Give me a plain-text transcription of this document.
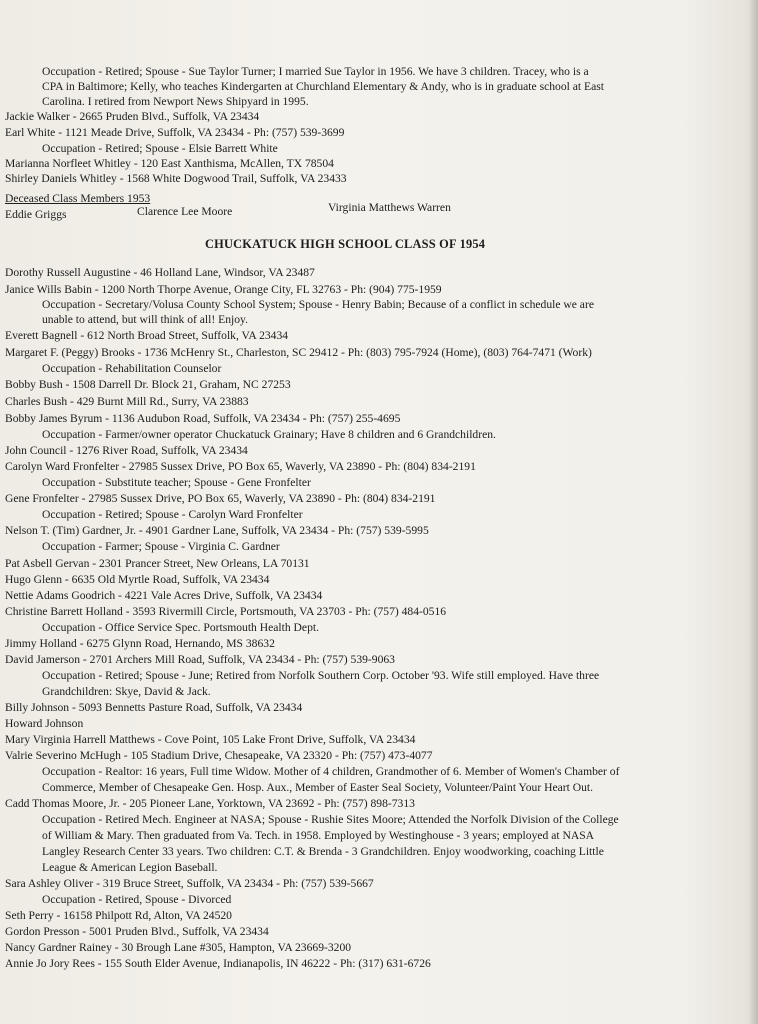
Occupation - Retired; Spouse - Sue Taylor Turner; I married Sue Taylor in 1956. We have 3 children. Tracey, who is a
CPA in Baltimore; Kelly, who teaches Kindergarten at Churchland Elementary & Andy, who is in graduate school at East
Carolina. I retired from Newport News Shipyard in 1995.
Jackie Walker - 2665 Pruden Blvd., Suffolk, VA 23434
Earl White - 1121 Meade Drive, Suffolk, VA 23434 - Ph: (757) 539-3699
Occupation - Retired; Spouse - Elsie Barrett White
Marianna Norfleet Whitley - 120 East Xanthisma, McAllen, TX 78504
Shirley Daniels Whitley - 1568 White Dogwood Trail, Suffolk, VA 23433
Deceased Class Members 1953
Eddie Griggs	Clarence Lee Moore	Virginia Matthews Warren
CHUCKATUCK HIGH SCHOOL CLASS OF 1954
Dorothy Russell Augustine - 46 Holland Lane, Windsor, VA 23487
Janice Wills Babin - 1200 North Thorpe Avenue, Orange City, FL 32763 - Ph: (904) 775-1959
Occupation - Secretary/Volusa County School System; Spouse - Henry Babin; Because of a conflict in schedule we are
unable to attend, but will think of all! Enjoy.
Everett Bagnell - 612 North Broad Street, Suffolk, VA 23434
Margaret F. (Peggy) Brooks - 1736 McHenry St., Charleston, SC 29412 - Ph: (803) 795-7924 (Home), (803) 764-7471 (Work)
Occupation - Rehabilitation Counselor
Bobby Bush - 1508 Darrell Dr. Block 21, Graham, NC 27253
Charles Bush - 429 Burnt Mill Rd., Surry, VA 23883
Bobby James Byrum - 1136 Audubon Road, Suffolk, VA 23434 - Ph: (757) 255-4695
Occupation - Farmer/owner operator Chuckatuck Grainary; Have 8 children and 6 Grandchildren.
John Council - 1276 River Road, Suffolk, VA 23434
Carolyn Ward Fronfelter - 27985 Sussex Drive, PO Box 65, Waverly, VA 23890 - Ph: (804) 834-2191
Occupation - Substitute teacher; Spouse - Gene Fronfelter
Gene Fronfelter - 27985 Sussex Drive, PO Box 65, Waverly, VA 23890 - Ph: (804) 834-2191
Occupation - Retired; Spouse - Carolyn Ward Fronfelter
Nelson T. (Tim) Gardner, Jr. - 4901 Gardner Lane, Suffolk, VA 23434 - Ph: (757) 539-5995
Occupation - Farmer; Spouse - Virginia C. Gardner
Pat Asbell Gervan - 2301 Prancer Street, New Orleans, LA 70131
Hugo Glenn - 6635 Old Myrtle Road, Suffolk, VA 23434
Nettie Adams Goodrich - 4221 Vale Acres Drive, Suffolk, VA 23434
Christine Barrett Holland - 3593 Rivermill Circle, Portsmouth, VA 23703 - Ph: (757) 484-0516
Occupation - Office Service Spec. Portsmouth Health Dept.
Jimmy Holland - 6275 Glynn Road, Hernando, MS 38632
David Jamerson - 2701 Archers Mill Road, Suffolk, VA 23434 - Ph: (757) 539-9063
Occupation - Retired; Spouse - June; Retired from Norfolk Southern Corp. October '93. Wife still employed. Have three
Grandchildren: Skye, David & Jack.
Billy Johnson - 5093 Bennetts Pasture Road, Suffolk, VA 23434
Howard Johnson
Mary Virginia Harrell Matthews - Cove Point, 105 Lake Front Drive, Suffolk, VA 23434
Valrie Severino McHugh - 105 Stadium Drive, Chesapeake, VA 23320 - Ph: (757) 473-4077
Occupation - Realtor: 16 years, Full time Widow. Mother of 4 children, Grandmother of 6. Member of Women's Chamber of
Commerce, Member of Chesapeake Gen. Hosp. Aux., Member of Easter Seal Society, Volunteer/Paint Your Heart Out.
Cadd Thomas Moore, Jr. - 205 Pioneer Lane, Yorktown, VA 23692 - Ph: (757) 898-7313
Occupation - Retired Mech. Engineer at NASA; Spouse - Rushie Sites Moore; Attended the Norfolk Division of the College
of William & Mary. Then graduated from Va. Tech. in 1958. Employed by Westinghouse - 3 years; employed at NASA
Langley Research Center 33 years. Two children: C.T. & Brenda - 3 Grandchildren. Enjoy woodworking, coaching Little
League & American Legion Baseball.
Sara Ashley Oliver - 319 Bruce Street, Suffolk, VA 23434 - Ph: (757) 539-5667
Occupation - Retired, Spouse - Divorced
Seth Perry - 16158 Philpott Rd, Alton, VA 24520
Gordon Presson - 5001 Pruden Blvd., Suffolk, VA 23434
Nancy Gardner Rainey - 30 Brough Lane #305, Hampton, VA 23669-3200
Annie Jo Jory Rees - 155 South Elder Avenue, Indianapolis, IN 46222 - Ph: (317) 631-6726
